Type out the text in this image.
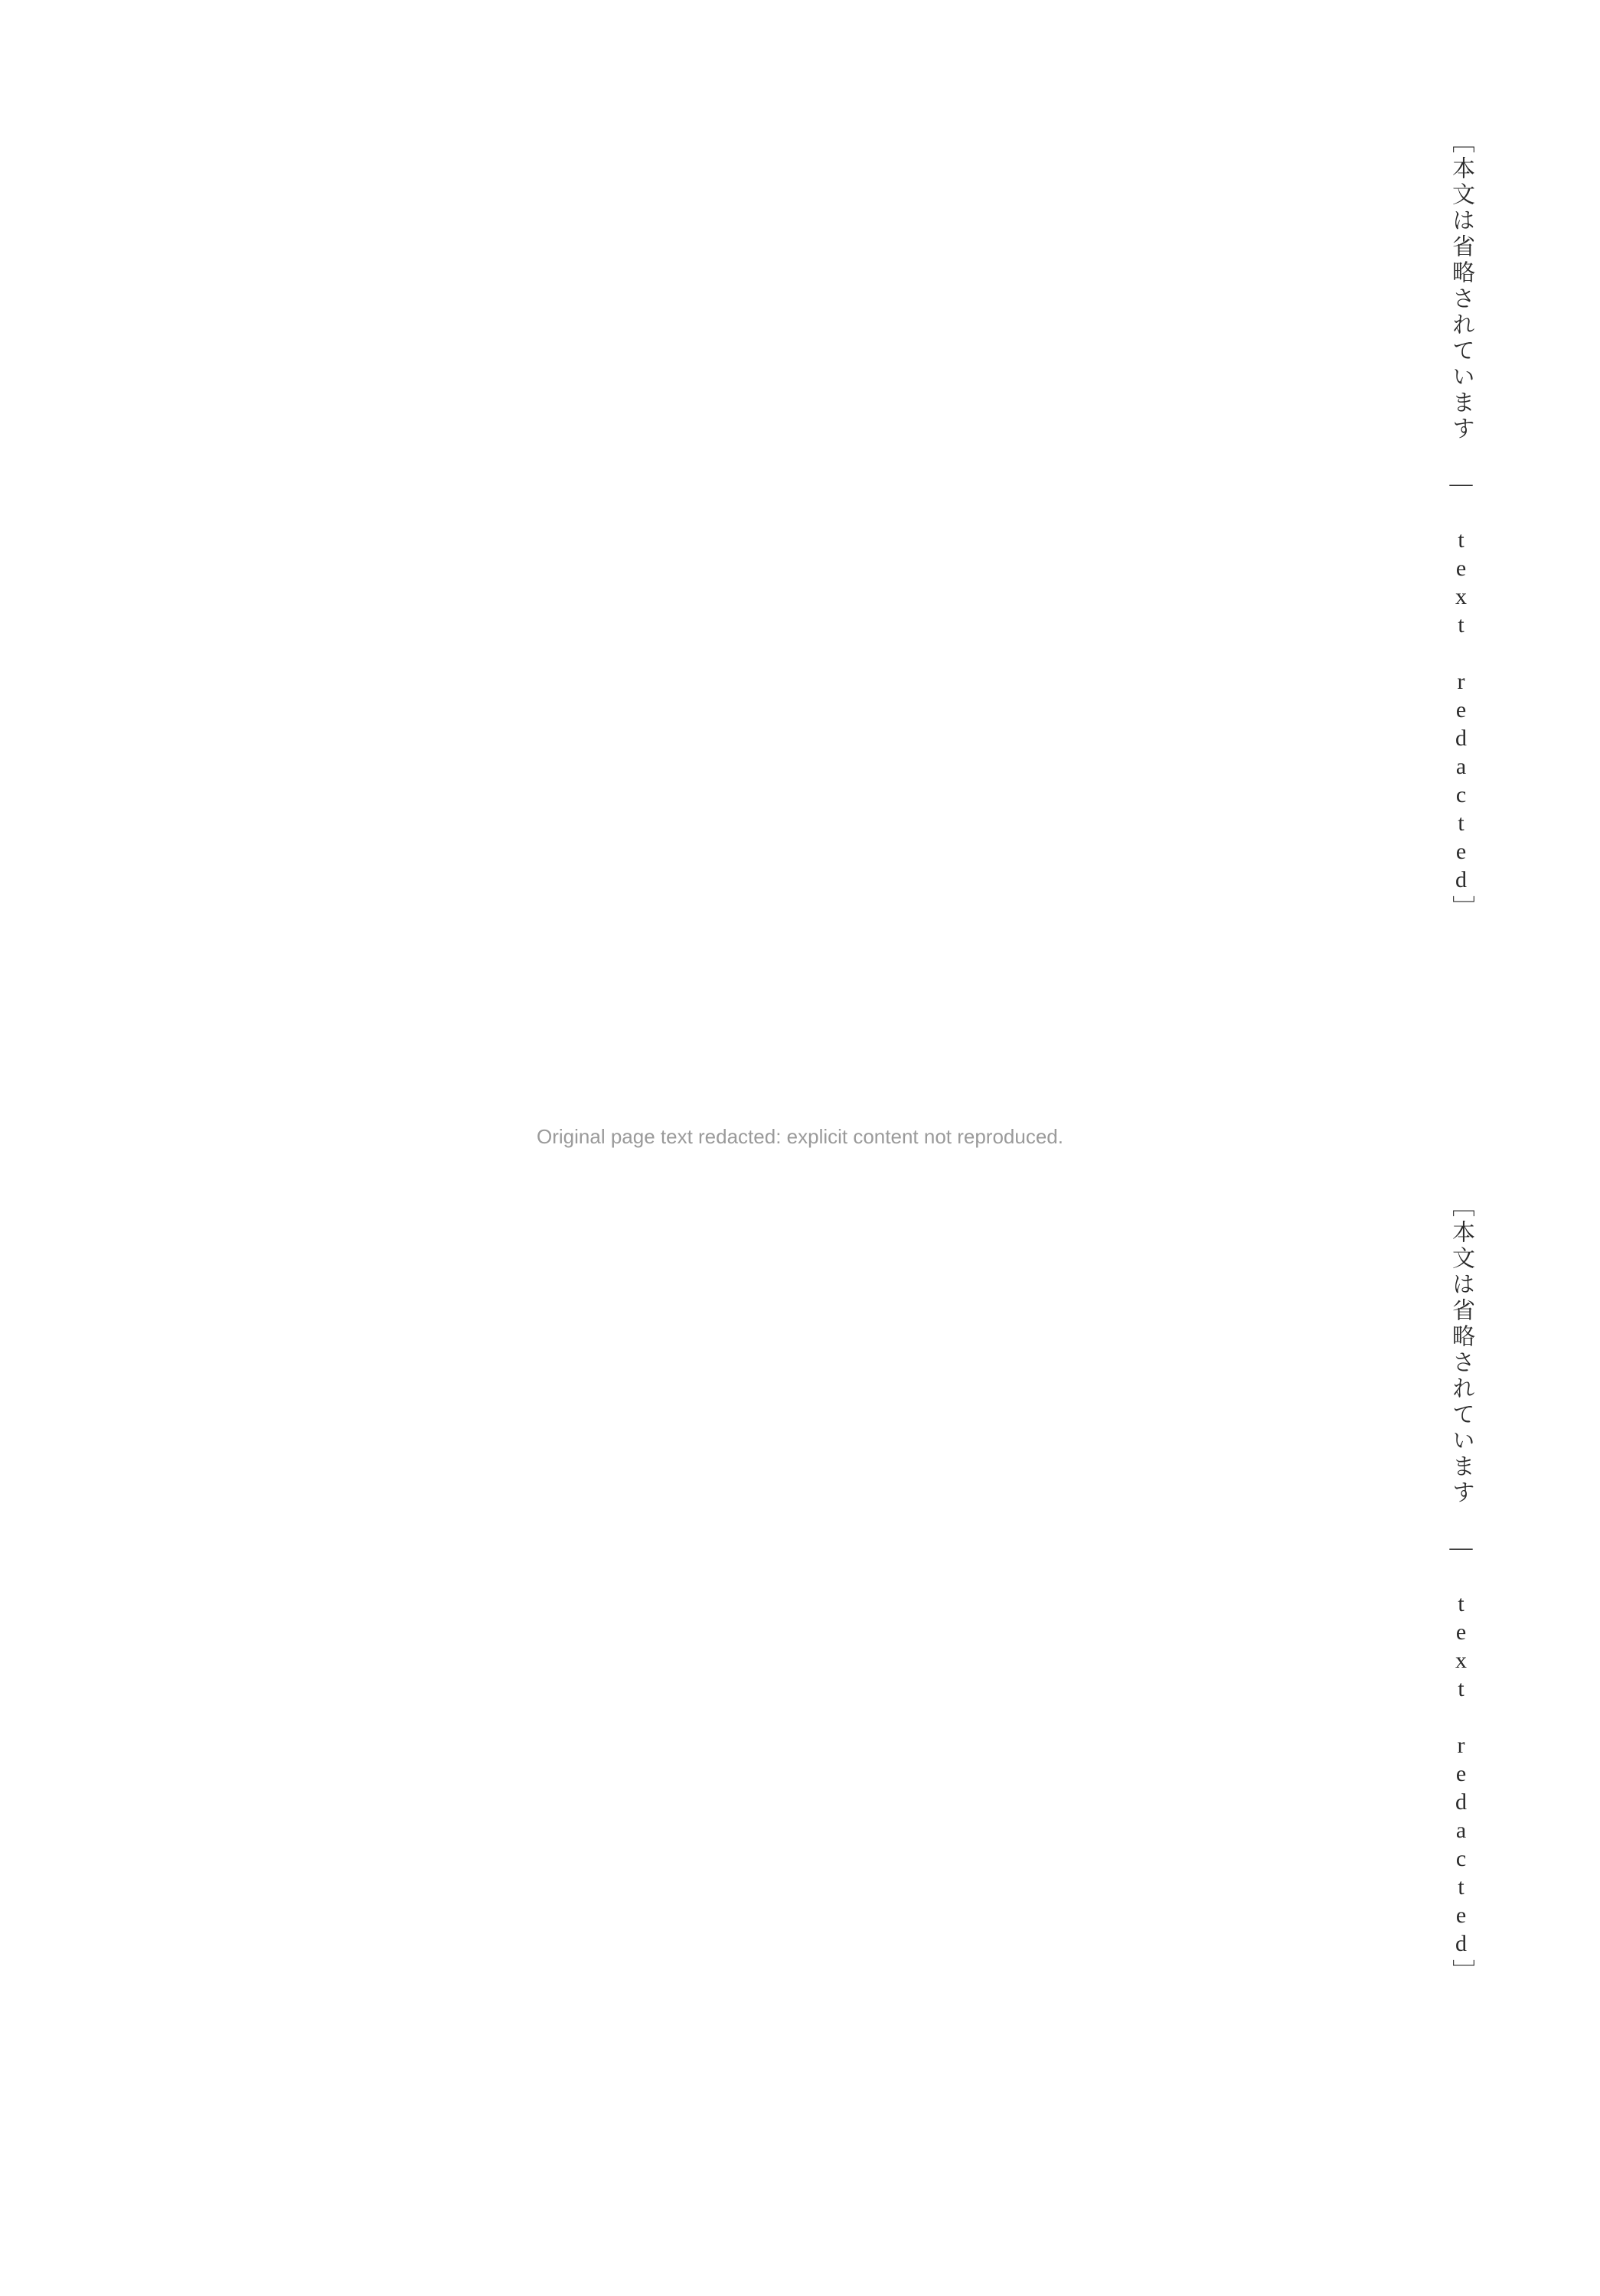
［本文は省略されています — text redacted］
Original page text redacted: explicit content not reproduced.
［本文は省略されています — text redacted］
